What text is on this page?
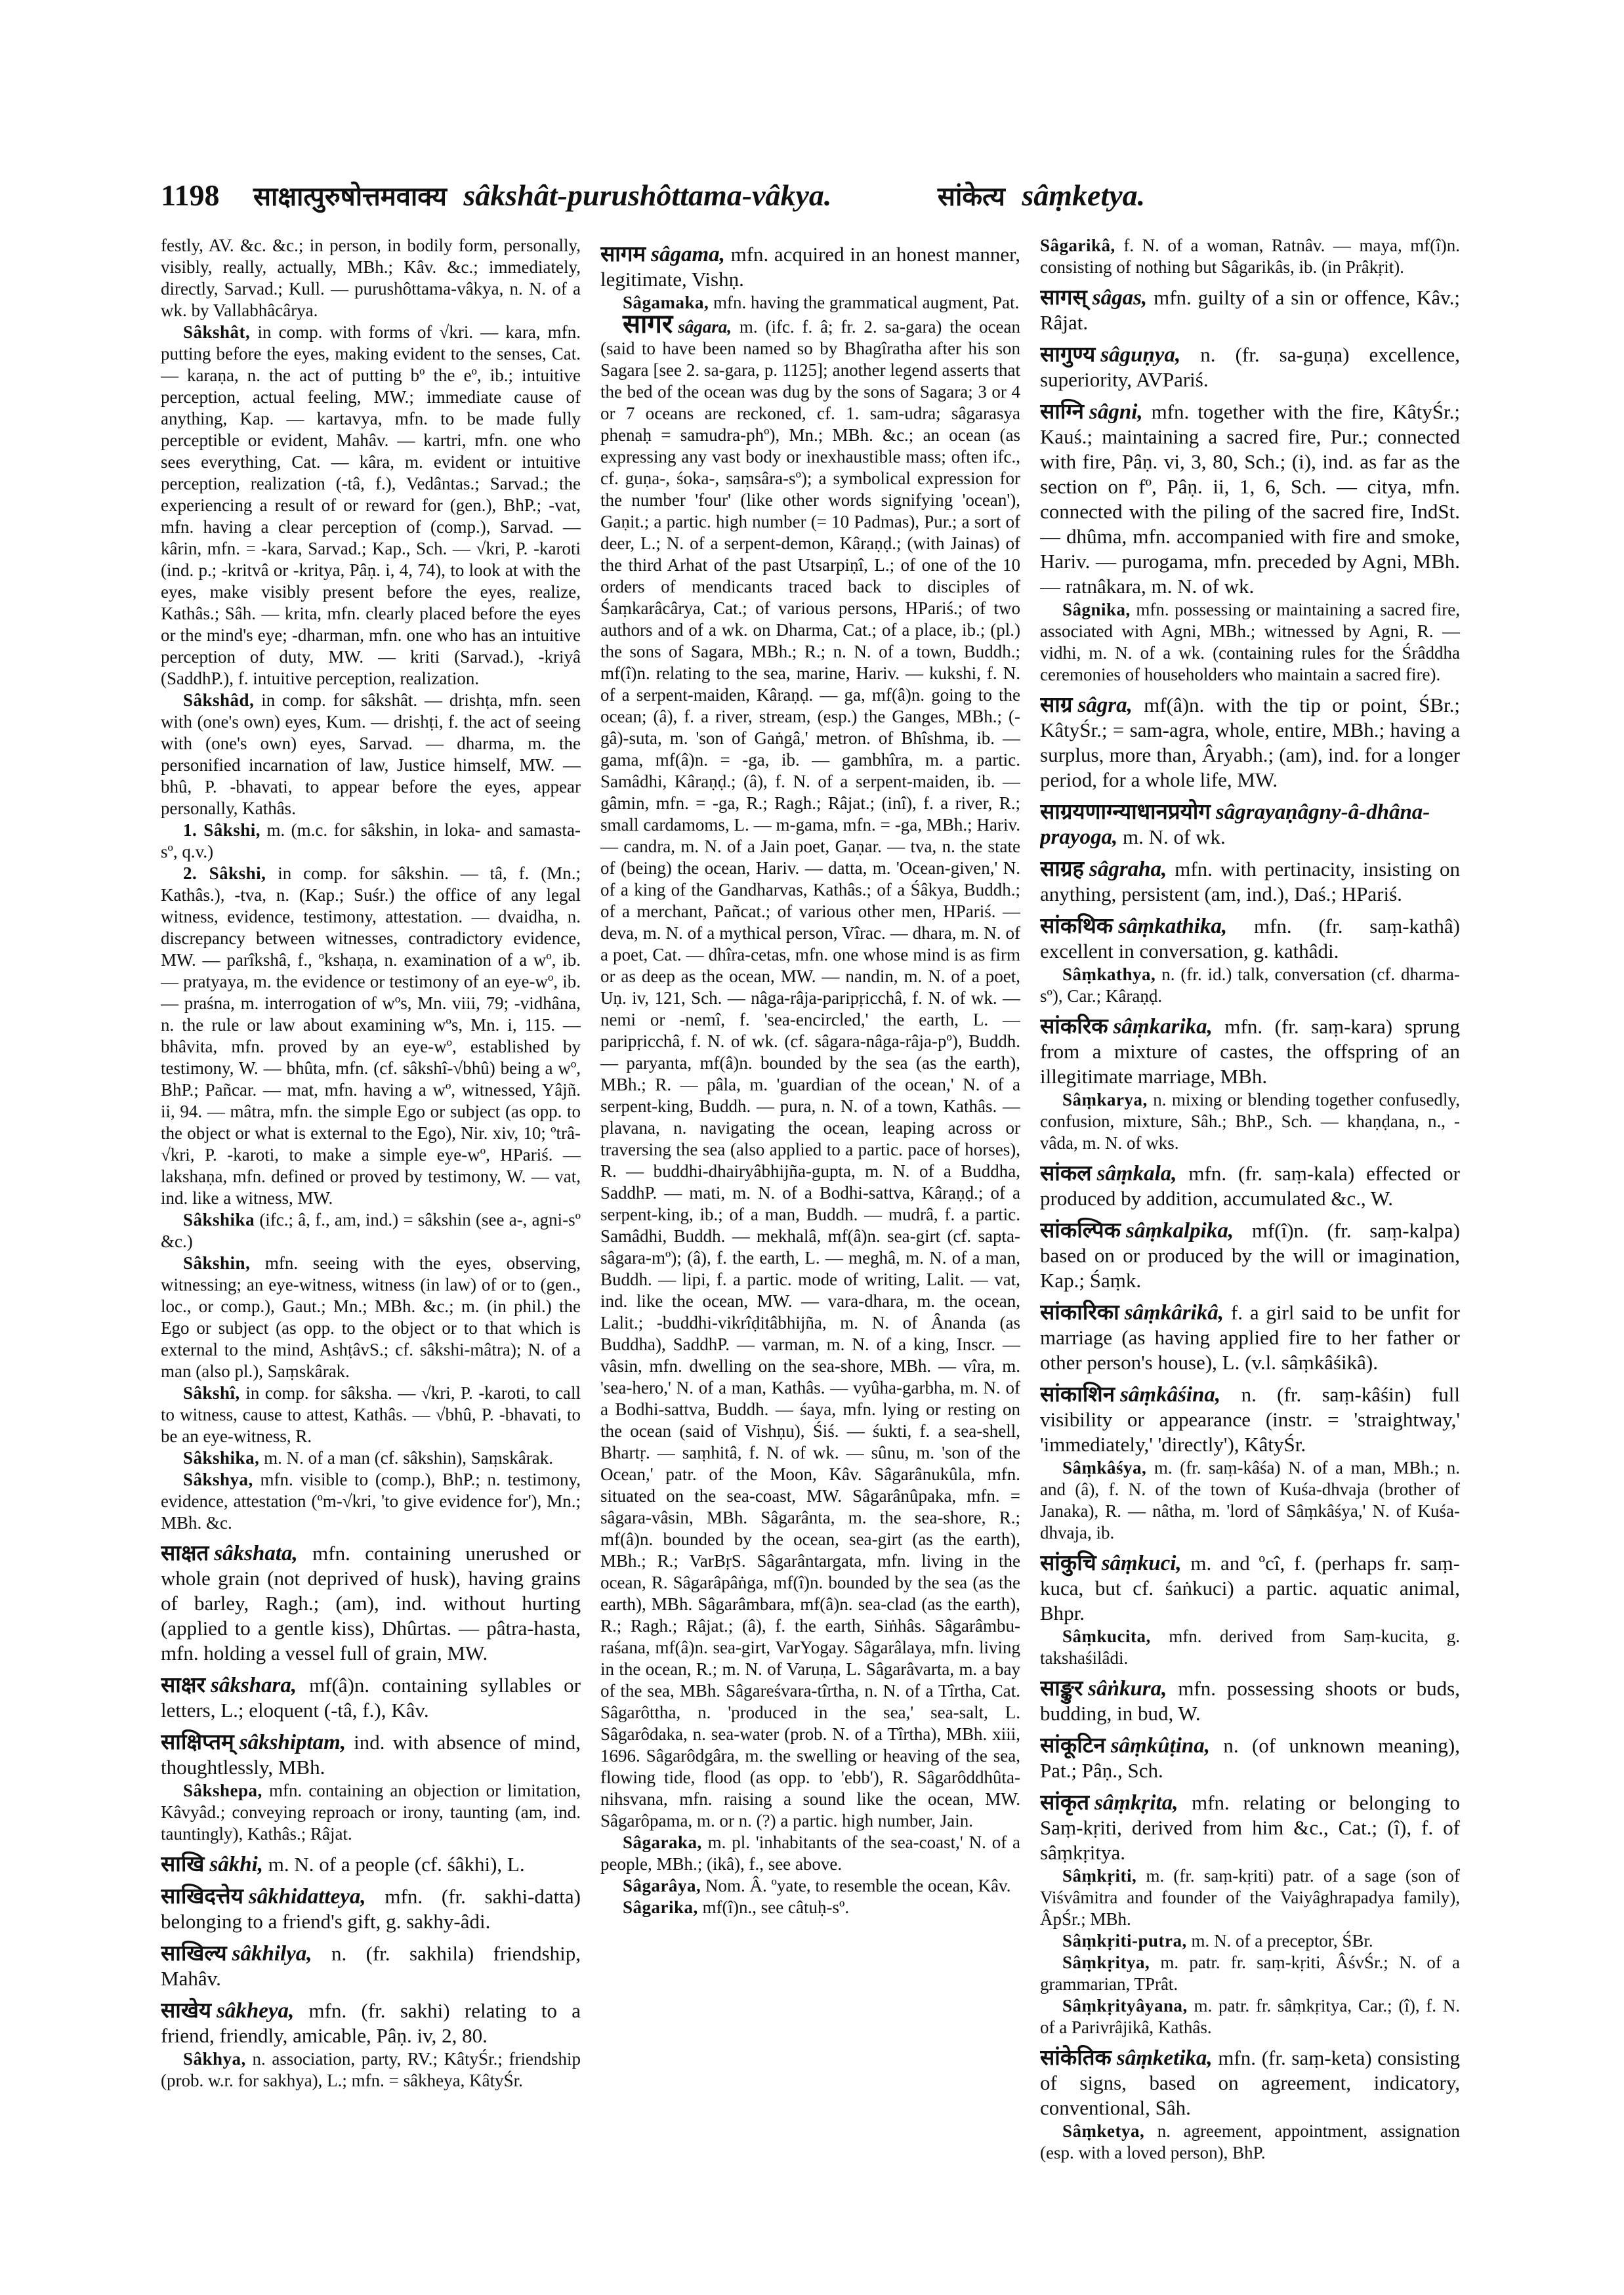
1198 साक्षात्पुरुषोत्तमवाक्य sâkshât-purushôttama-vâkya.	सांकेत्य sâṃketya.

festly, AV. &c. &c.; in person, in bodily form, personally, visibly, really, actually, MBh.; Kâv. &c.; immediately, directly, Sarvad.; Kull. — purushôttama-vâkya, n. N. of a wk. by Vallabhâcârya.

Sâkshât, in comp. with forms of √kri. — kara, mfn. putting before the eyes, making evident to the senses, Cat. — karaṇa, n. the act of putting bº the eº, ib.; intuitive perception, actual feeling, MW.; immediate cause of anything, Kap. — kartavya, mfn. to be made fully perceptible or evident, Mahâv. — kartri, mfn. one who sees everything, Cat. — kâra, m. evident or intuitive perception, realization (-tâ, f.), Vedântas.; Sarvad.; the experiencing a result of or reward for (gen.), BhP.; -vat, mfn. having a clear perception of (comp.), Sarvad. — kârin, mfn. = -kara, Sarvad.; Kap., Sch. — √kri, P. -karoti (ind. p.; -kritvâ or -kritya, Pâṇ. i, 4, 74), to look at with the eyes, make visibly present before the eyes, realize, Kathâs.; Sâh. — krita, mfn. clearly placed before the eyes or the mind's eye; -dharman, mfn. one who has an intuitive perception of duty, MW. — kriti (Sarvad.), -kriyâ (SaddhP.), f. intuitive perception, realization.

Sâkshâd, in comp. for sâkshât. — drishṭa, mfn. seen with (one's own) eyes, Kum. — drishṭi, f. the act of seeing with (one's own) eyes, Sarvad. — dharma, m. the personified incarnation of law, Justice himself, MW. — bhû, P. -bhavati, to appear before the eyes, appear personally, Kathâs.

1. Sâkshi, m. (m.c. for sâkshin, in loka- and samasta-sº, q.v.)

2. Sâkshi, in comp. for sâkshin. — tâ, f. (Mn.; Kathâs.), -tva, n. (Kap.; Suśr.) the office of any legal witness, evidence, testimony, attestation. — dvaidha, n. discrepancy between witnesses, contradictory evidence, MW. — parîkshâ, f., ºkshaṇa, n. examination of a wº, ib. — pratyaya, m. the evidence or testimony of an eye-wº, ib. — praśna, m. interrogation of wºs, Mn. viii, 79; -vidhâna, n. the rule or law about examining wºs, Mn. i, 115. — bhâvita, mfn. proved by an eye-wº, established by testimony, W. — bhûta, mfn. (cf. sâkshî-√bhû) being a wº, BhP.; Pañcar. — mat, mfn. having a wº, witnessed, Yâjñ. ii, 94. — mâtra, mfn. the simple Ego or subject (as opp. to the object or what is external to the Ego), Nir. xiv, 10; ºtrâ-√kri, P. -karoti, to make a simple eye-wº, HPariś. — lakshaṇa, mfn. defined or proved by testimony, W. — vat, ind. like a witness, MW.

Sâkshika (ifc.; â, f., am, ind.) = sâkshin (see a-, agni-sº &c.)

Sâkshin, mfn. seeing with the eyes, observing, witnessing; an eye-witness, witness (in law) of or to (gen., loc., or comp.), Gaut.; Mn.; MBh. &c.; m. (in phil.) the Ego or subject (as opp. to the object or to that which is external to the mind, AshṭâvS.; cf. sâkshi-mâtra); N. of a man (also pl.), Saṃskârak.

Sâkshî, in comp. for sâksha. — √kri, P. -karoti, to call to witness, cause to attest, Kathâs. — √bhû, P. -bhavati, to be an eye-witness, R.

Sâkshika, m. N. of a man (cf. sâkshin), Saṃskârak.

Sâkshya, mfn. visible to (comp.), BhP.; n. testimony, evidence, attestation (ºm-√kri, 'to give evidence for'), Mn.; MBh. &c.

साक्षत sâkshata, mfn. containing unerushed or whole grain (not deprived of husk), having grains of barley, Ragh.; (am), ind. without hurting (applied to a gentle kiss), Dhûrtas. — pâtra-hasta, mfn. holding a vessel full of grain, MW.

साक्षर sâkshara, mf(â)n. containing syllables or letters, L.; eloquent (-tâ, f.), Kâv.

साक्षिप्तम् sâkshiptam, ind. with absence of mind, thoughtlessly, MBh.

Sâkshepa, mfn. containing an objection or limitation, Kâvyâd.; conveying reproach or irony, taunting (am, ind. tauntingly), Kathâs.; Râjat.

साखि sâkhi, m. N. of a people (cf. śâkhi), L.

साखिदत्तेय sâkhidatteya, mfn. (fr. sakhi-datta) belonging to a friend's gift, g. sakhy-âdi.

साखिल्य sâkhilya, n. (fr. sakhila) friendship, Mahâv.

साखेय sâkheya, mfn. (fr. sakhi) relating to a friend, friendly, amicable, Pâṇ. iv, 2, 80.

Sâkhya, n. association, party, RV.; KâtyŚr.; friendship (prob. w.r. for sakhya), L.; mfn. = sâkheya, KâtyŚr.

सागम sâgama, mfn. acquired in an honest manner, legitimate, Vishṇ.

Sâgamaka, mfn. having the grammatical augment, Pat.

सागर sâgara, m. (ifc. f. â; fr. 2. sa-gara) the ocean (said to have been named so by Bhagîratha after his son Sagara [see 2. sa-gara, p. 1125]; another legend asserts that the bed of the ocean was dug by the sons of Sagara; 3 or 4 or 7 oceans are reckoned, cf. 1. sam-udra; sâgarasya phenaḥ = samudra-phº), Mn.; MBh. &c.; an ocean (as expressing any vast body or inexhaustible mass; often ifc., cf. guṇa-, śoka-, saṃsâra-sº); a symbolical expression for the number 'four' (like other words signifying 'ocean'), Gaṇit.; a partic. high number (= 10 Padmas), Pur.; a sort of deer, L.; N. of a serpent-demon, Kâraṇḍ.; (with Jainas) of the third Arhat of the past Utsarpiṇî, L.; of one of the 10 orders of mendicants traced back to disciples of Śaṃkarâcârya, Cat.; of various persons, HPariś.; of two authors and of a wk. on Dharma, Cat.; of a place, ib.; (pl.) the sons of Sagara, MBh.; R.; n. N. of a town, Buddh.; mf(î)n. relating to the sea, marine, Hariv. — kukshi, f. N. of a serpent-maiden, Kâraṇḍ. — ga, mf(â)n. going to the ocean; (â), f. a river, stream, (esp.) the Ganges, MBh.; (-gâ)-suta, m. 'son of Gaṅgâ,' metron. of Bhîshma, ib. — gama, mf(â)n. = -ga, ib. — gambhîra, m. a partic. Samâdhi, Kâraṇḍ.; (â), f. N. of a serpent-maiden, ib. — gâmin, mfn. = -ga, R.; Ragh.; Râjat.; (inî), f. a river, R.; small cardamoms, L. — m-gama, mfn. = -ga, MBh.; Hariv. — candra, m. N. of a Jain poet, Gaṇar. — tva, n. the state of (being) the ocean, Hariv. — datta, m. 'Ocean-given,' N. of a king of the Gandharvas, Kathâs.; of a Śâkya, Buddh.; of a merchant, Pañcat.; of various other men, HPariś. — deva, m. N. of a mythical person, Vîrac. — dhara, m. N. of a poet, Cat. — dhîra-cetas, mfn. one whose mind is as firm or as deep as the ocean, MW. — nandin, m. N. of a poet, Uṇ. iv, 121, Sch. — nâga-râja-paripṛicchâ, f. N. of wk. — nemi or -nemî, f. 'sea-encircled,' the earth, L. — paripṛicchâ, f. N. of wk. (cf. sâgara-nâga-râja-pº), Buddh. — paryanta, mf(â)n. bounded by the sea (as the earth), MBh.; R. — pâla, m. 'guardian of the ocean,' N. of a serpent-king, Buddh. — pura, n. N. of a town, Kathâs. — plavana, n. navigating the ocean, leaping across or traversing the sea (also applied to a partic. pace of horses), R. — buddhi-dhairyâbhijña-gupta, m. N. of a Buddha, SaddhP. — mati, m. N. of a Bodhi-sattva, Kâraṇḍ.; of a serpent-king, ib.; of a man, Buddh. — mudrâ, f. a partic. Samâdhi, Buddh. — mekhalâ, mf(â)n. sea-girt (cf. sapta-sâgara-mº); (â), f. the earth, L. — meghâ, m. N. of a man, Buddh. — lipi, f. a partic. mode of writing, Lalit. — vat, ind. like the ocean, MW. — vara-dhara, m. the ocean, Lalit.; -buddhi-vikrîḍitâbhijña, m. N. of Ânanda (as Buddha), SaddhP. — varman, m. N. of a king, Inscr. — vâsin, mfn. dwelling on the sea-shore, MBh. — vîra, m. 'sea-hero,' N. of a man, Kathâs. — vyûha-garbha, m. N. of a Bodhi-sattva, Buddh. — śaya, mfn. lying or resting on the ocean (said of Vishṇu), Śiś. — śukti, f. a sea-shell, Bhartṛ. — saṃhitâ, f. N. of wk. — sûnu, m. 'son of the Ocean,' patr. of the Moon, Kâv. Sâgarânukûla, mfn. situated on the sea-coast, MW. Sâgarânûpaka, mfn. = sâgara-vâsin, MBh. Sâgarânta, m. the sea-shore, R.; mf(â)n. bounded by the ocean, sea-girt (as the earth), MBh.; R.; VarBṛS. Sâgarântargata, mfn. living in the ocean, R. Sâgarâpâṅga, mf(î)n. bounded by the sea (as the earth), MBh. Sâgarâmbara, mf(â)n. sea-clad (as the earth), R.; Ragh.; Râjat.; (â), f. the earth, Siṅhâs. Sâgarâmbu-raśana, mf(â)n. sea-girt, VarYogay. Sâgarâlaya, mfn. living in the ocean, R.; m. N. of Varuṇa, L. Sâgarâvarta, m. a bay of the sea, MBh. Sâgareśvara-tîrtha, n. N. of a Tîrtha, Cat. Sâgarôttha, n. 'produced in the sea,' sea-salt, L. Sâgarôdaka, n. sea-water (prob. N. of a Tîrtha), MBh. xiii, 1696. Sâgarôdgâra, m. the swelling or heaving of the sea, flowing tide, flood (as opp. to 'ebb'), R. Sâgarôddhûta-nihsvana, mfn. raising a sound like the ocean, MW. Sâgarôpama, m. or n. (?) a partic. high number, Jain.

Sâgaraka, m. pl. 'inhabitants of the sea-coast,' N. of a people, MBh.; (ikâ), f., see above.

Sâgarâya, Nom. Â. ºyate, to resemble the ocean, Kâv.

Sâgarika, mf(î)n., see câtuḥ-sº.

Sâgarikâ, f. N. of a woman, Ratnâv. — maya, mf(î)n. consisting of nothing but Sâgarikâs, ib. (in Prâkṛit).

सागस् sâgas, mfn. guilty of a sin or offence, Kâv.; Râjat.

सागुण्य sâguṇya, n. (fr. sa-guṇa) excellence, superiority, AVPariś.

साग्नि sâgni, mfn. together with the fire, KâtyŚr.; Kauś.; maintaining a sacred fire, Pur.; connected with fire, Pâṇ. vi, 3, 80, Sch.; (i), ind. as far as the section on fº, Pâṇ. ii, 1, 6, Sch. — citya, mfn. connected with the piling of the sacred fire, IndSt. — dhûma, mfn. accompanied with fire and smoke, Hariv. — purogama, mfn. preceded by Agni, MBh. — ratnâkara, m. N. of wk.

Sâgnika, mfn. possessing or maintaining a sacred fire, associated with Agni, MBh.; witnessed by Agni, R. — vidhi, m. N. of a wk. (containing rules for the Śrâddha ceremonies of householders who maintain a sacred fire).

साग्र sâgra, mf(â)n. with the tip or point, ŚBr.; KâtyŚr.; = sam-agra, whole, entire, MBh.; having a surplus, more than, Âryabh.; (am), ind. for a longer period, for a whole life, MW.

साग्रयणाग्न्याधानप्रयोग sâgrayaṇâgny-â-dhâna-prayoga, m. N. of wk.

साग्रह sâgraha, mfn. with pertinacity, insisting on anything, persistent (am, ind.), Daś.; HPariś.

सांकथिक sâṃkathika, mfn. (fr. saṃ-kathâ) excellent in conversation, g. kathâdi.

Sâṃkathya, n. (fr. id.) talk, conversation (cf. dharma-sº), Car.; Kâraṇḍ.

सांकरिक sâṃkarika, mfn. (fr. saṃ-kara) sprung from a mixture of castes, the offspring of an illegitimate marriage, MBh.

Sâṃkarya, n. mixing or blending together confusedly, confusion, mixture, Sâh.; BhP., Sch. — khaṇḍana, n., -vâda, m. N. of wks.

सांकल sâṃkala, mfn. (fr. saṃ-kala) effected or produced by addition, accumulated &c., W.

सांकल्पिक sâṃkalpika, mf(î)n. (fr. saṃ-kalpa) based on or produced by the will or imagination, Kap.; Śaṃk.

सांकारिका sâṃkârikâ, f. a girl said to be unfit for marriage (as having applied fire to her father or other person's house), L. (v.l. sâṃkâśikâ).

सांकाशिन sâṃkâśina, n. (fr. saṃ-kâśin) full visibility or appearance (instr. = 'straightway,' 'immediately,' 'directly'), KâtyŚr.

Sâṃkâśya, m. (fr. saṃ-kâśa) N. of a man, MBh.; n. and (â), f. N. of the town of Kuśa-dhvaja (brother of Janaka), R. — nâtha, m. 'lord of Sâṃkâśya,' N. of Kuśa-dhvaja, ib.

सांकुचि sâṃkuci, m. and ºcî, f. (perhaps fr. saṃ-kuca, but cf. śaṅkuci) a partic. aquatic animal, Bhpr.

Sâṃkucita, mfn. derived from Saṃ-kucita, g. takshaśilâdi.

साङ्कुर sâṅkura, mfn. possessing shoots or buds, budding, in bud, W.

सांकूटिन sâṃkûṭina, n. (of unknown meaning), Pat.; Pâṇ., Sch.

सांकृत sâṃkṛita, mfn. relating or belonging to Saṃ-kṛiti, derived from him &c., Cat.; (î), f. of sâṃkṛitya.

Sâṃkṛiti, m. (fr. saṃ-kṛiti) patr. of a sage (son of Viśvâmitra and founder of the Vaiyâghrapadya family), ÂpŚr.; MBh.

Sâṃkṛiti-putra, m. N. of a preceptor, ŚBr.

Sâṃkṛitya, m. patr. fr. saṃ-kṛiti, ÂśvŚr.; N. of a grammarian, TPrât.

Sâṃkṛityâyana, m. patr. fr. sâṃkṛitya, Car.; (î), f. N. of a Parivrâjikâ, Kathâs.

सांकेतिक sâṃketika, mfn. (fr. saṃ-keta) consisting of signs, based on agreement, indicatory, conventional, Sâh.

Sâṃketya, n. agreement, appointment, assignation (esp. with a loved person), BhP.
